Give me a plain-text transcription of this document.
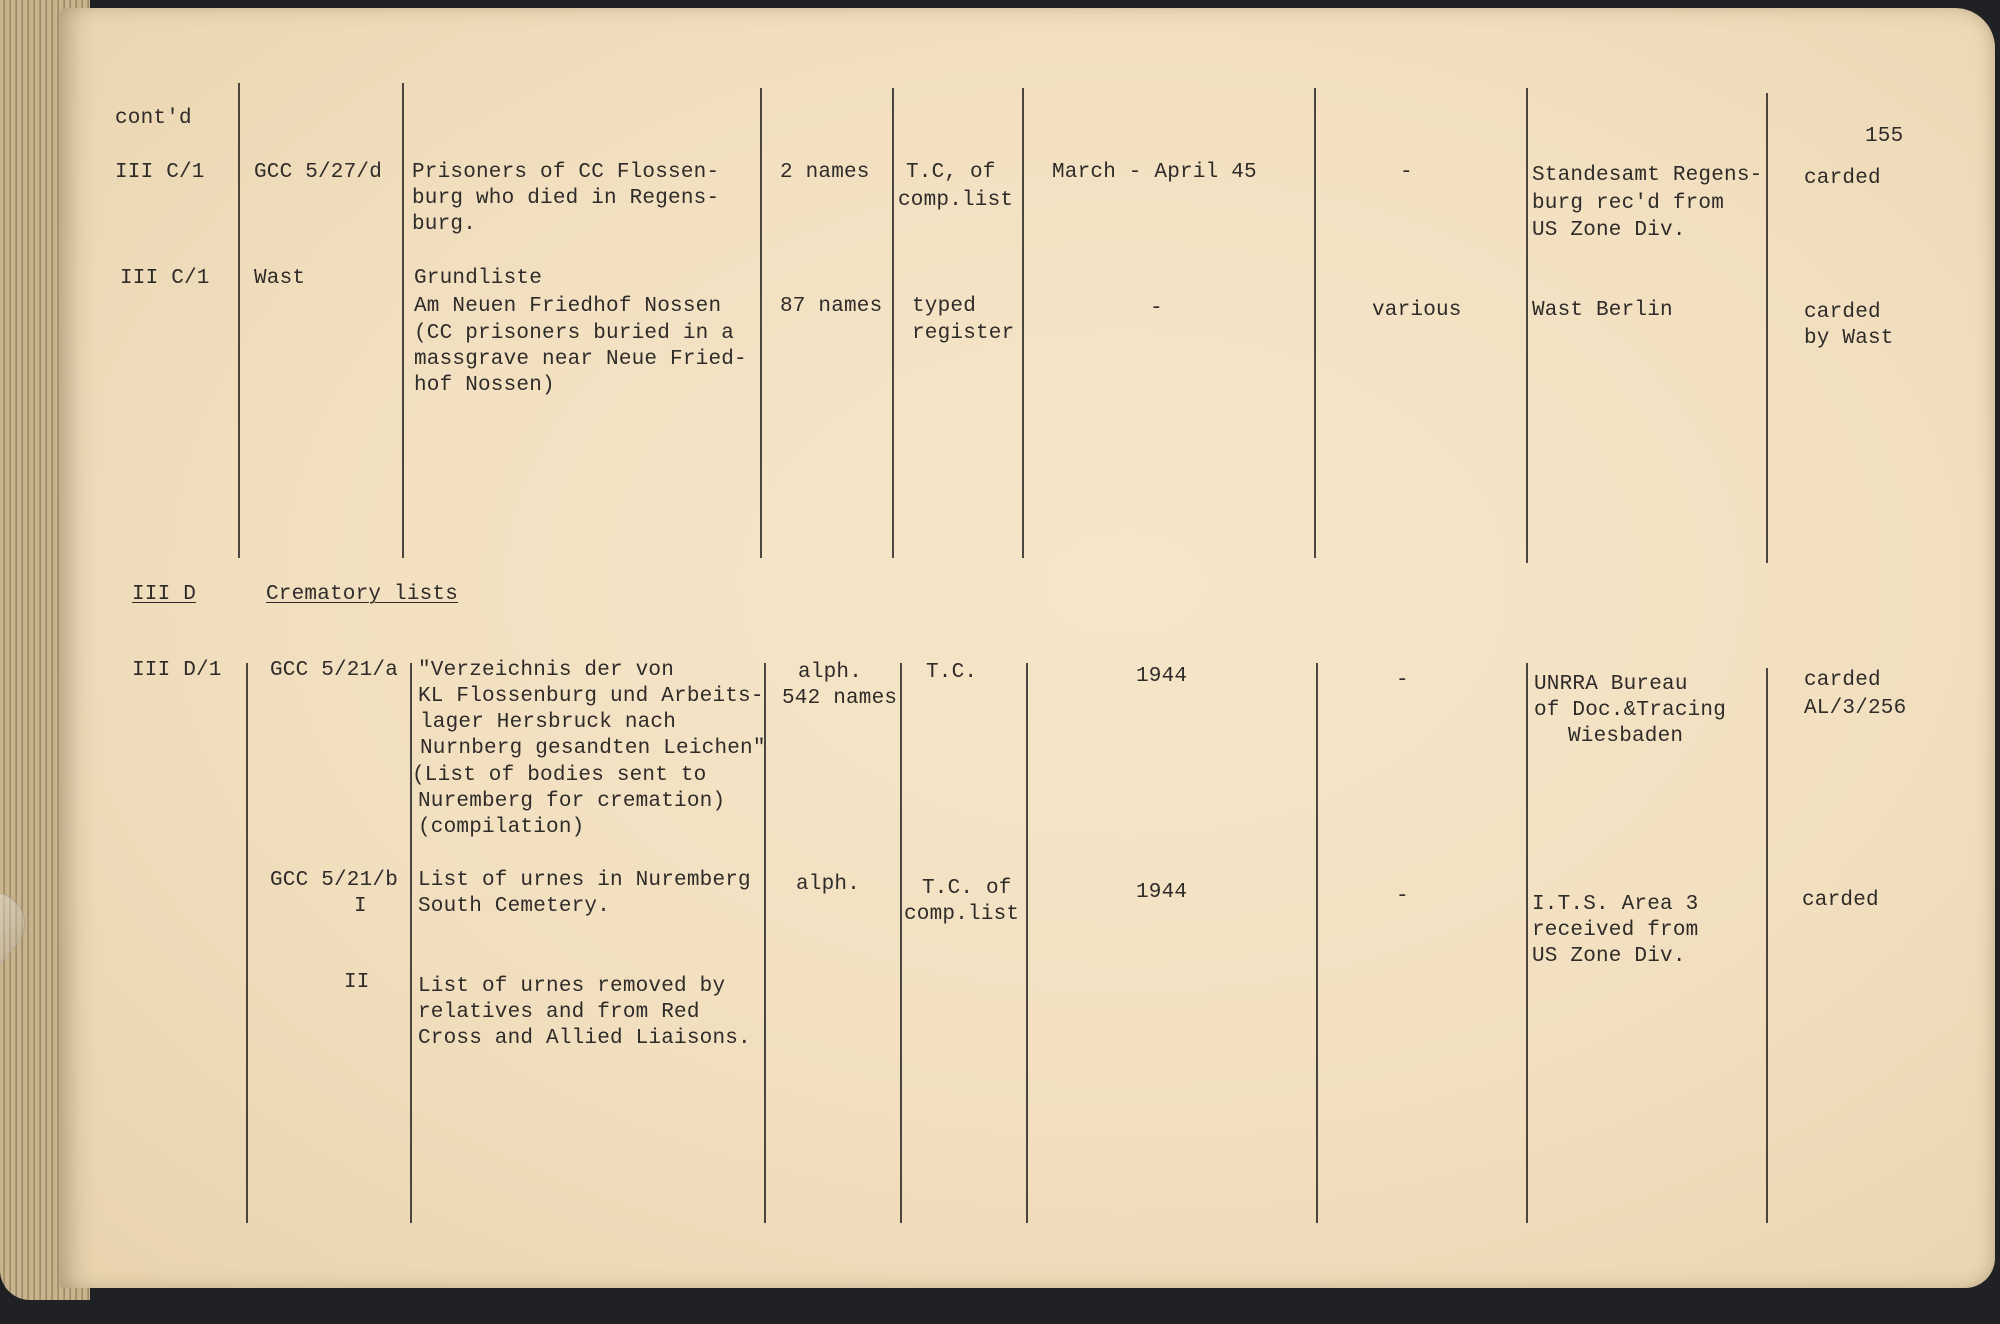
cont'd
155
III C/1 GCC 5/27/d Prisoners of CC Flossen-
burg who died in Regens-
burg.
2 names T.C, of
comp.list
March - April 45	-	Standesamt Regens-
burg rec'd from
US Zone Div.
carded
III C/1 Wast	Grundliste
Am Neuen Friedhof Nossen
(CC prisoners buried in a
massgrave near Neue Fried-
hof Nossen)
87 names typed
register
-	various	Wast Berlin	carded
by Wast
III D	Crematory lists
III D/1 GCC 5/21/a "Verzeichnis der von
KL Flossenburg und Arbeits-
lager Hersbruck nach
Nurnberg gesandten Leichen"
(List of bodies sent to
Nuremberg for cremation)
(compilation)
alph.
542 names
T.C.	1944	-	UNRRA Bureau
of Doc.&Tracing
Wiesbaden
carded
AL/3/256
GCC 5/21/b
I
List of urnes in Nuremberg
South Cemetery.
alph.	T.C. of
comp.list
1944	-	I.T.S. Area 3
received from
US Zone Div.
carded
II List of urnes removed by
relatives and from Red
Cross and Allied Liaisons.
